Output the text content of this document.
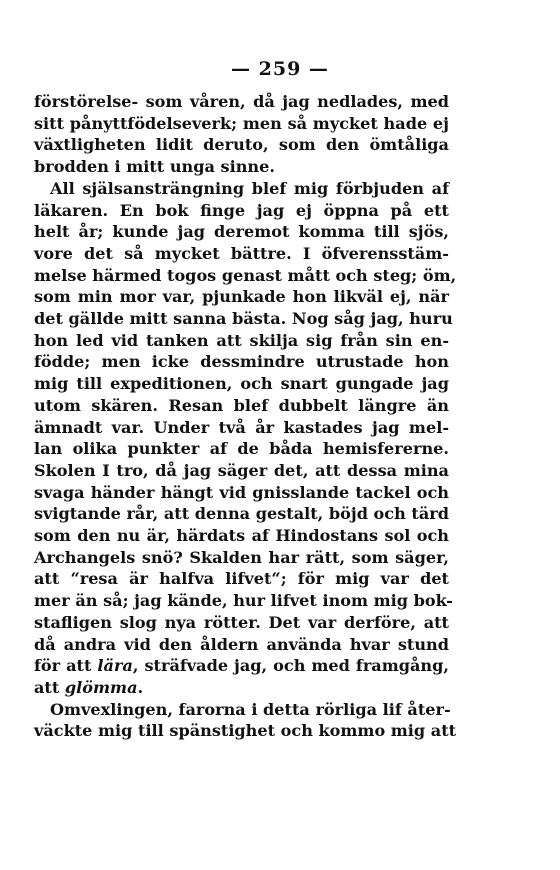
— 259 —
förstörelse- som våren, då jag nedlades, med
sitt pånyttfödelseverk; men så mycket hade ej
växtligheten lidit deruto, som den ömtåliga
brodden i mitt unga sinne.
All själsansträngning blef mig förbjuden af
läkaren. En bok finge jag ej öppna på ett
helt år; kunde jag deremot komma till sjös,
vore det så mycket bättre. I öfverensstäm-
melse härmed togos genast mått och steg; öm,
som min mor var, pjunkade hon likväl ej, när
det gällde mitt sanna bästa. Nog såg jag, huru
hon led vid tanken att skilja sig från sin en-
födde; men icke dessmindre utrustade hon
mig till expeditionen, och snart gungade jag
utom skären. Resan blef dubbelt längre än
ämnadt var. Under två år kastades jag mel-
lan olika punkter af de båda hemisfererne.
Skolen I tro, då jag säger det, att dessa mina
svaga händer hängt vid gnisslande tackel och
svigtande rår, att denna gestalt, böjd och tärd
som den nu är, härdats af Hindostans sol och
Archangels snö? Skalden har rätt, som säger,
att “resa är halfva lifvet“; för mig var det
mer än så; jag kände, hur lifvet inom mig bok-
stafligen slog nya rötter. Det var derföre, att
då andra vid den åldern använda hvar stund
för att lära, sträfvade jag, och med framgång,
att glömma.
Omvexlingen, farorna i detta rörliga lif åter-
väckte mig till spänstighet och kommo mig att
